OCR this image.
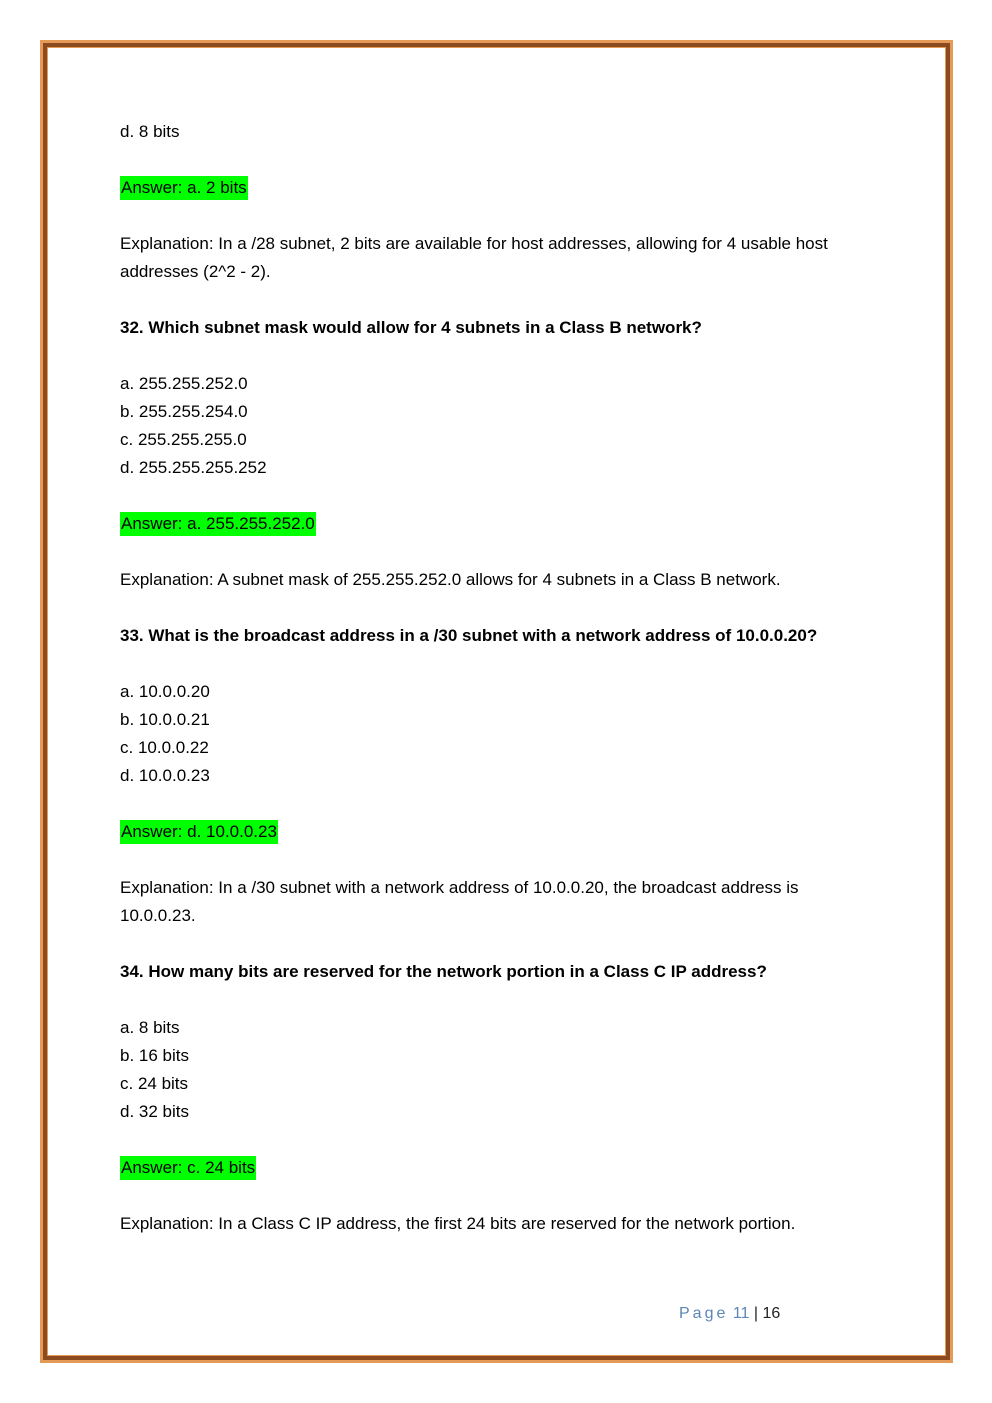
d. 8 bits
Answer: a. 2 bits
Explanation: In a /28 subnet, 2 bits are available for host addresses, allowing for 4 usable host addresses (2^2 - 2).
32. Which subnet mask would allow for 4 subnets in a Class B network?
a. 255.255.252.0
b. 255.255.254.0
c. 255.255.255.0
d. 255.255.255.252
Answer: a. 255.255.252.0
Explanation: A subnet mask of 255.255.252.0 allows for 4 subnets in a Class B network.
33. What is the broadcast address in a /30 subnet with a network address of 10.0.0.20?
a. 10.0.0.20
b. 10.0.0.21
c. 10.0.0.22
d. 10.0.0.23
Answer: d. 10.0.0.23
Explanation: In a /30 subnet with a network address of 10.0.0.20, the broadcast address is 10.0.0.23.
34. How many bits are reserved for the network portion in a Class C IP address?
a. 8 bits
b. 16 bits
c. 24 bits
d. 32 bits
Answer: c. 24 bits
Explanation: In a Class C IP address, the first 24 bits are reserved for the network portion.
Page 11 | 16
